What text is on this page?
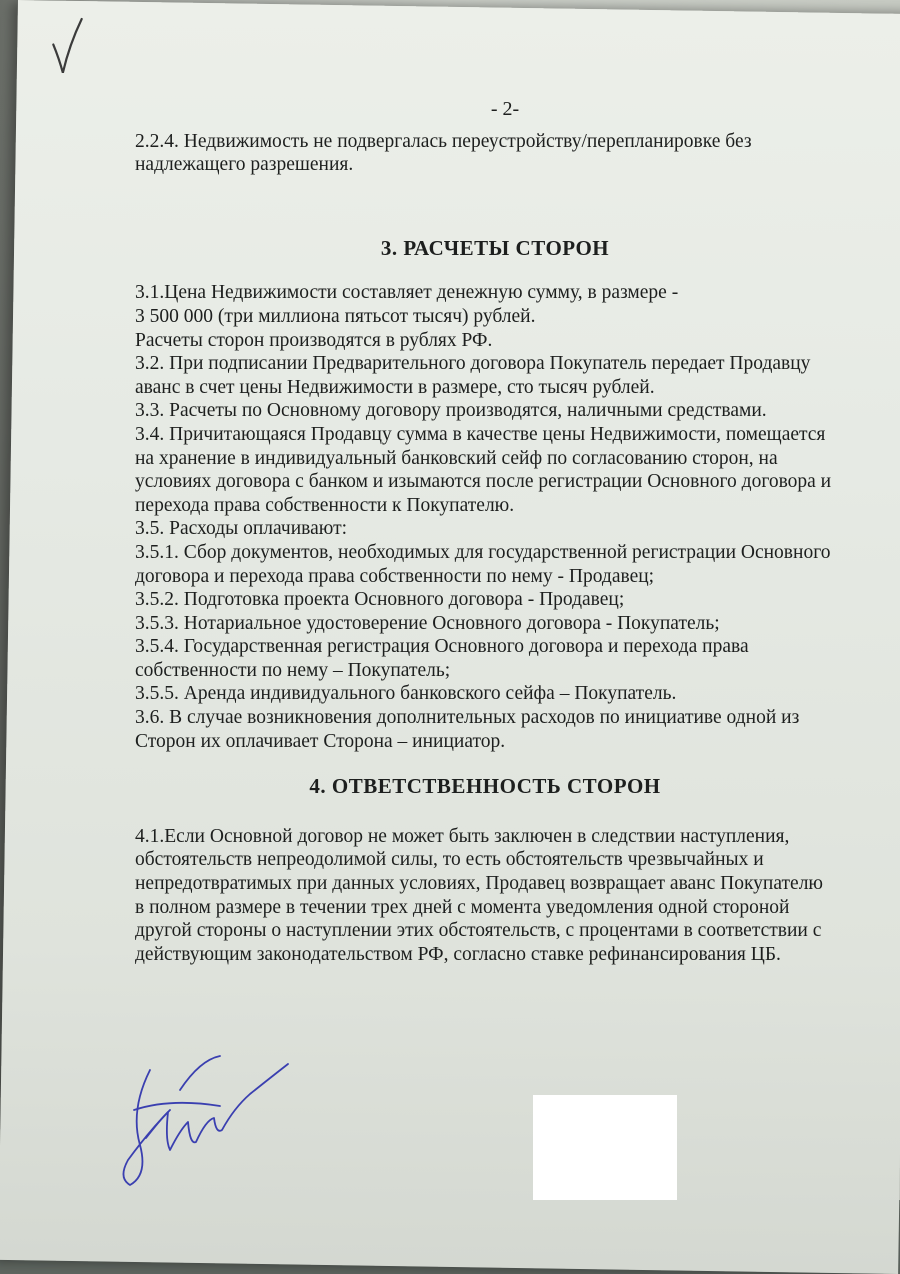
- 2-

2.2.4. Недвижимость не подвергалась переустройству/перепланировке без надлежащего разрешения.

3. РАСЧЕТЫ СТОРОН

3.1.Цена Недвижимости составляет денежную сумму, в размере -

3 500 000 (три миллиона пятьсот тысяч) рублей.

Расчеты сторон производятся в рублях РФ.

3.2. При подписании Предварительного договора Покупатель передает Продавцу аванс в счет цены Недвижимости в размере, сто тысяч рублей.

3.3. Расчеты по Основному договору производятся, наличными средствами.

3.4. Причитающаяся Продавцу сумма в качестве цены Недвижимости, помещается на хранение в индивидуальный банковский сейф по согласованию сторон, на условиях договора с банком и изымаются после регистрации Основного договора и перехода права собственности к Покупателю.

3.5. Расходы оплачивают:

3.5.1. Сбор документов, необходимых для государственной регистрации Основного договора и перехода права собственности по нему - Продавец;

3.5.2. Подготовка проекта Основного договора - Продавец;

3.5.3. Нотариальное удостоверение Основного договора - Покупатель;

3.5.4. Государственная регистрация Основного договора и перехода права собственности по нему – Покупатель;

3.5.5. Аренда индивидуального банковского сейфа – Покупатель.

3.6. В случае возникновения дополнительных расходов по инициативе одной из Сторон их оплачивает Сторона – инициатор.

4. ОТВЕТСТВЕННОСТЬ СТОРОН

4.1.Если Основной договор не может быть заключен в следствии наступления, обстоятельств непреодолимой силы, то есть обстоятельств чрезвычайных и непредотвратимых при данных условиях, Продавец возвращает аванс Покупателю в полном размере в течении трех дней с момента уведомления одной стороной другой стороны о наступлении этих обстоятельств, с процентами в соответствии с действующим законодательством РФ, согласно ставке рефинансирования ЦБ.
